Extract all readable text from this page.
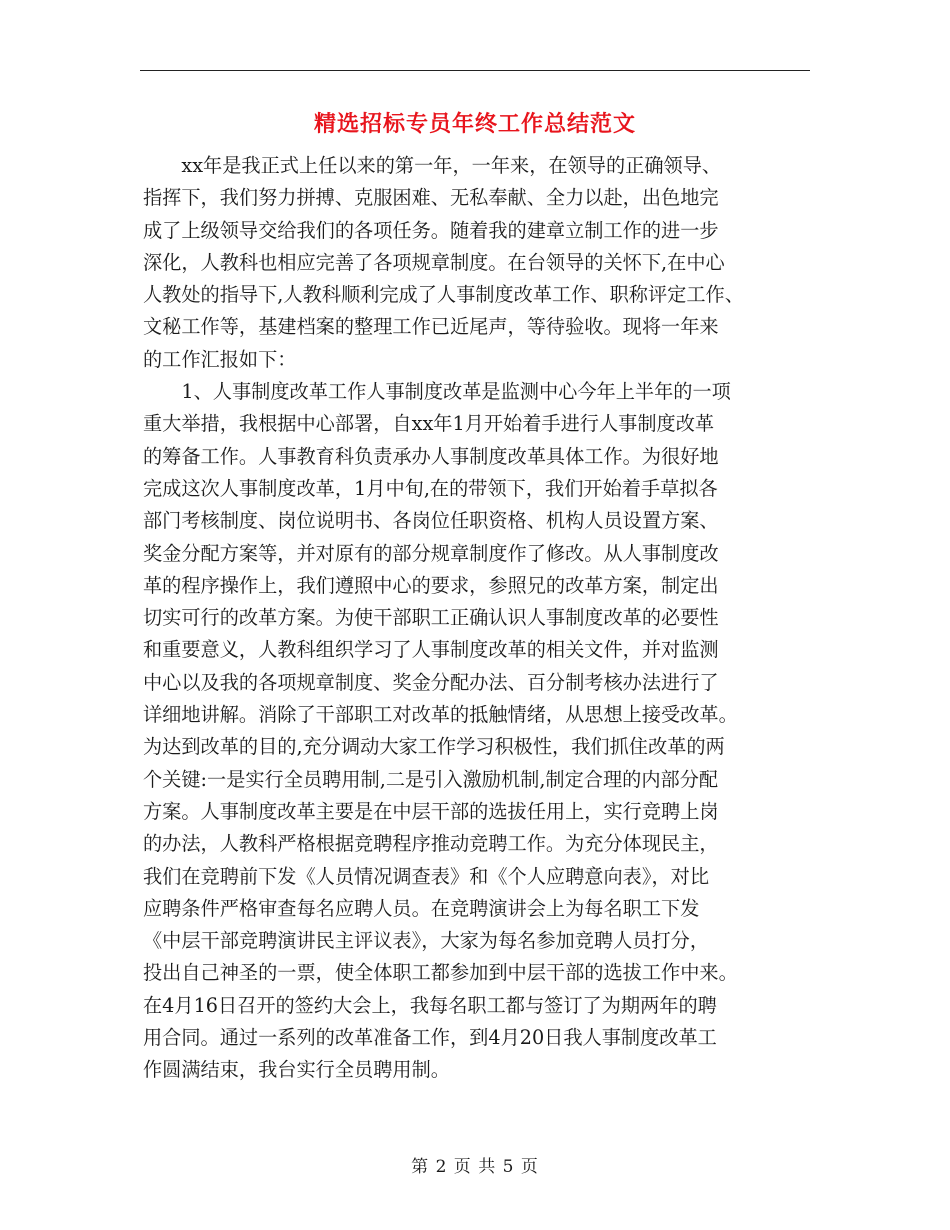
精选招标专员年终工作总结范文
　　xx年是我正式上任以来的第一年，一年来，在领导的正确领导、
指挥下，我们努力拼搏、克服困难、无私奉献、全力以赴，出色地完
成了上级领导交给我们的各项任务。随着我的建章立制工作的进一步
深化，人教科也相应完善了各项规章制度。在台领导的关怀下,在中心
人教处的指导下,人教科顺利完成了人事制度改革工作、职称评定工作、
文秘工作等，基建档案的整理工作已近尾声，等待验收。现将一年来
的工作汇报如下：
　　1、人事制度改革工作人事制度改革是监测中心今年上半年的一项
重大举措，我根据中心部署，自xx年1月开始着手进行人事制度改革
的筹备工作。人事教育科负责承办人事制度改革具体工作。为很好地
完成这次人事制度改革，1月中旬,在的带领下，我们开始着手草拟各
部门考核制度、岗位说明书、各岗位任职资格、机构人员设置方案、
奖金分配方案等，并对原有的部分规章制度作了修改。从人事制度改
革的程序操作上，我们遵照中心的要求，参照兄的改革方案，制定出
切实可行的改革方案。为使干部职工正确认识人事制度改革的必要性
和重要意义，人教科组织学习了人事制度改革的相关文件，并对监测
中心以及我的各项规章制度、奖金分配办法、百分制考核办法进行了
详细地讲解。消除了干部职工对改革的抵触情绪，从思想上接受改革。
为达到改革的目的,充分调动大家工作学习积极性，我们抓住改革的两
个关键:一是实行全员聘用制,二是引入激励机制,制定合理的内部分配
方案。人事制度改革主要是在中层干部的选拔任用上，实行竞聘上岗
的办法，人教科严格根据竞聘程序推动竞聘工作。为充分体现民主，
我们在竞聘前下发《人员情况调查表》和《个人应聘意向表》，对比
应聘条件严格审查每名应聘人员。在竞聘演讲会上为每名职工下发
《中层干部竞聘演讲民主评议表》，大家为每名参加竞聘人员打分，
投出自己神圣的一票，使全体职工都参加到中层干部的选拔工作中来。
在4月16日召开的签约大会上，我每名职工都与签订了为期两年的聘
用合同。通过一系列的改革准备工作，到4月20日我人事制度改革工
作圆满结束，我台实行全员聘用制。
第 2 页 共 5 页
